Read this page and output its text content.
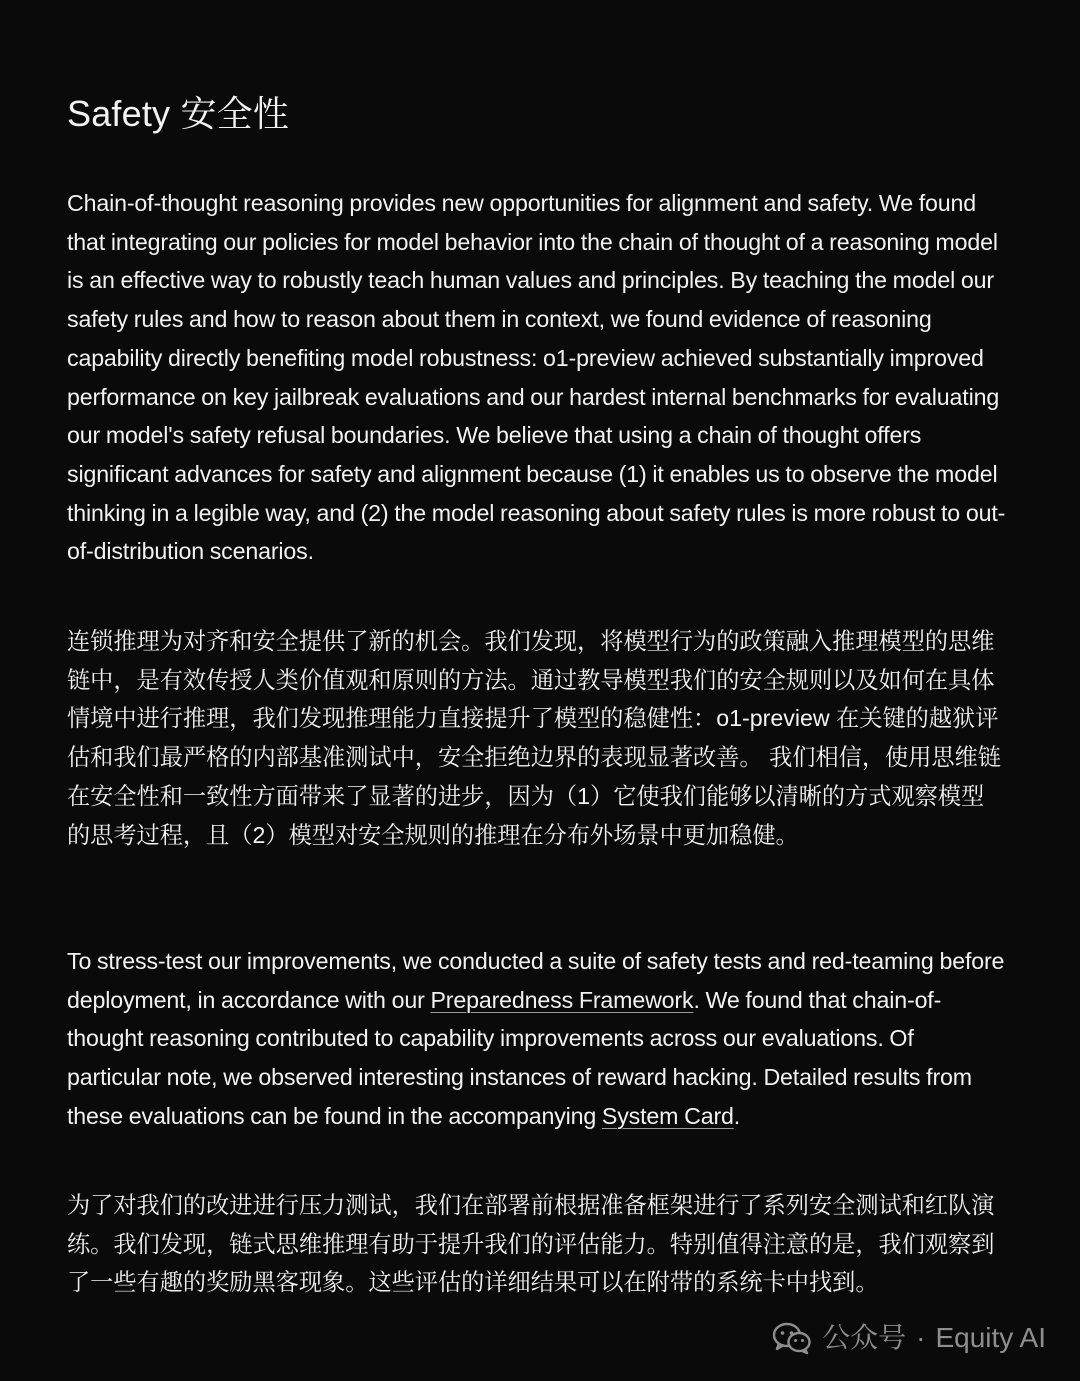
Safety 安全性

Chain-of-thought reasoning provides new opportunities for alignment and safety. We found that integrating our policies for model behavior into the chain of thought of a reasoning model is an effective way to robustly teach human values and principles. By teaching the model our safety rules and how to reason about them in context, we found evidence of reasoning capability directly benefiting model robustness: o1-preview achieved substantially improved performance on key jailbreak evaluations and our hardest internal benchmarks for evaluating our model's safety refusal boundaries. We believe that using a chain of thought offers significant advances for safety and alignment because (1) it enables us to observe the model thinking in a legible way, and (2) the model reasoning about safety rules is more robust to out-of-distribution scenarios.

连锁推理为对齐和安全提供了新的机会。我们发现，将模型行为的政策融入推理模型的思维链中，是有效传授人类价值观和原则的方法。通过教导模型我们的安全规则以及如何在具体情境中进行推理，我们发现推理能力直接提升了模型的稳健性：o1-preview 在关键的越狱评估和我们最严格的内部基准测试中，安全拒绝边界的表现显著改善。 我们相信，使用思维链在安全性和一致性方面带来了显著的进步，因为（1）它使我们能够以清晰的方式观察模型的思考过程，且（2）模型对安全规则的推理在分布外场景中更加稳健。

To stress-test our improvements, we conducted a suite of safety tests and red-teaming before deployment, in accordance with our Preparedness Framework. We found that chain-of-thought reasoning contributed to capability improvements across our evaluations. Of particular note, we observed interesting instances of reward hacking. Detailed results from these evaluations can be found in the accompanying System Card.

为了对我们的改进进行压力测试，我们在部署前根据准备框架进行了系列安全测试和红队演练。我们发现，链式思维推理有助于提升我们的评估能力。特别值得注意的是，我们观察到了一些有趣的奖励黑客现象。这些评估的详细结果可以在附带的系统卡中找到。

公众号 · Equity AI
